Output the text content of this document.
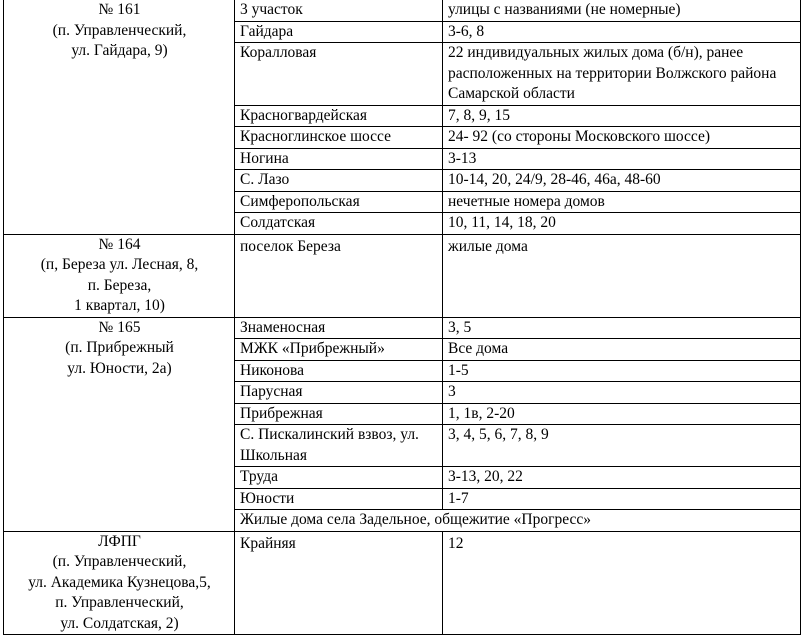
№ 161
(п. Управленческий,
ул. Гайдара, 9)	3 участок	улицы с названиями (не номерные)
	Гайдара	3-6, 8
	Коралловая	22 индивидуальных жилых дома (б/н), ранее расположенных на территории Волжского района Самарской области
	Красногвардейская	7, 8, 9, 15
	Красноглинское шоссе	24- 92 (со стороны Московского шоссе)
	Ногина	3-13
	С. Лазо	10-14, 20, 24/9, 28-46, 46а, 48-60
	Симферопольская	нечетные номера домов
	Солдатская	10, 11, 14, 18, 20

№ 164
(п, Береза ул. Лесная, 8,
п. Береза,
1 квартал, 10)	поселок Береза	жилые дома

№ 165
(п. Прибрежный
ул. Юности, 2а)	Знаменосная	3, 5
	МЖК «Прибрежный»	Все дома
	Никонова	1-5
	Парусная	3
	Прибрежная	1, 1в, 2-20
	С. Пискалинский взвоз, ул. Школьная	3, 4, 5, 6, 7, 8, 9
	Труда	3-13, 20, 22
	Юности	1-7
	Жилые дома села Задельное, общежитие «Прогресс»	

ЛФПГ
(п. Управленческий,
ул. Академика Кузнецова,5,
п. Управленческий,
ул. Солдатская, 2)	Крайняя	12
